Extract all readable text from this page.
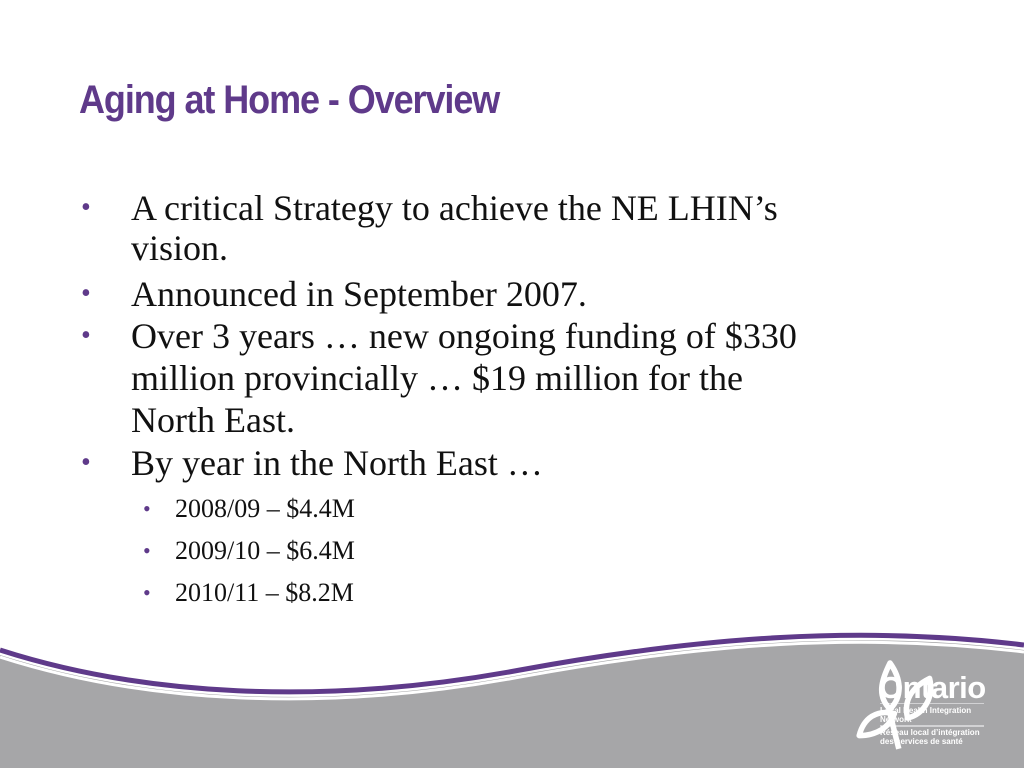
Aging at Home - Overview
• A critical Strategy to achieve the NE LHIN’s
vision.
• Announced in September 2007.
• Over 3 years … new ongoing funding of $330
million provincially … $19 million for the
North East.
• By year in the North East …
• 2008/09 – $4.4M
• 2009/10 – $6.4M
• 2010/11 – $8.2M
Ontario
Local Health Integration
Network
Réseau local d’intégration
des services de santé
